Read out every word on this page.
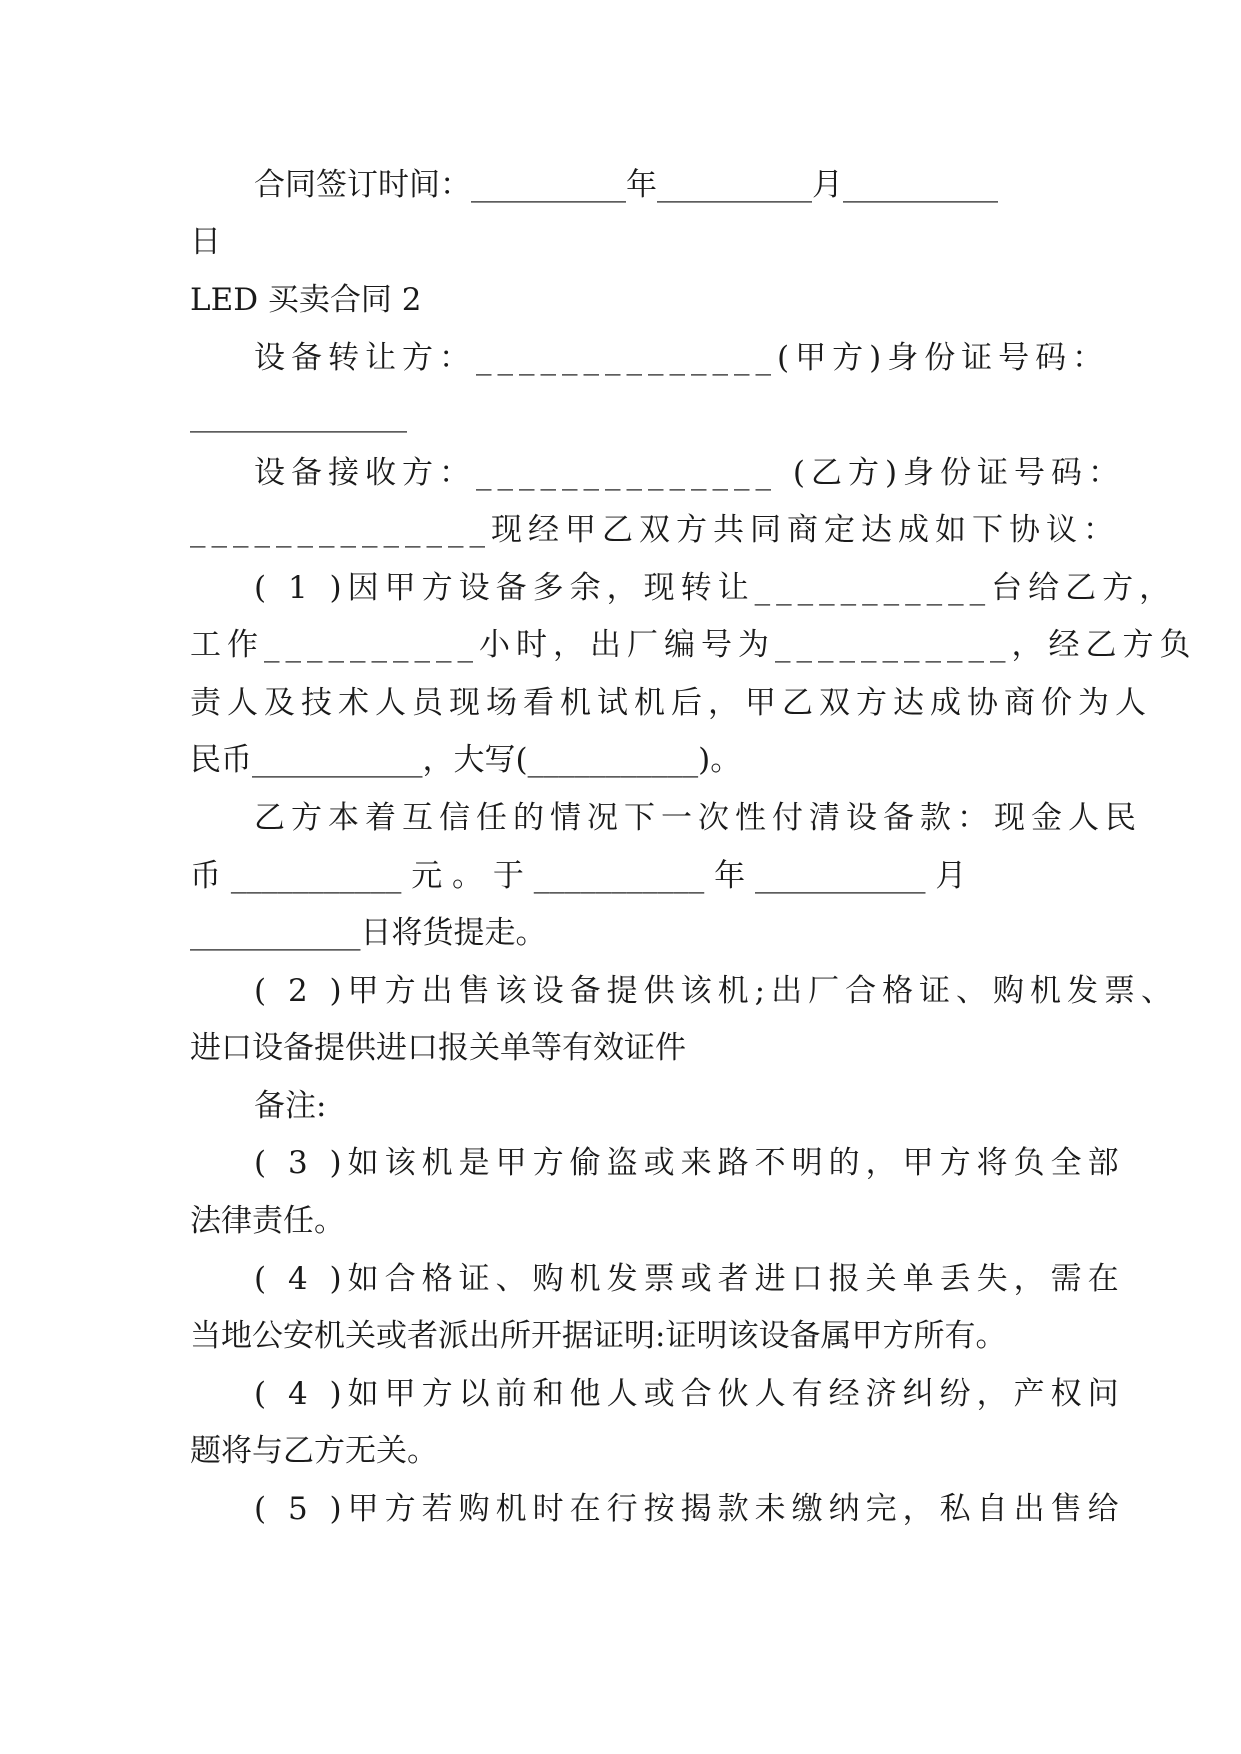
合同签订时间：__________年__________月__________
日
LED 买卖合同 2
设备转让方：______________(甲方)身份证号码：
______________
设备接收方：______________ (乙方)身份证号码：
______________现经甲乙双方共同商定达成如下协议：
( 1 )因甲方设备多余，现转让___________台给乙方，
工作__________小时，出厂编号为___________，经乙方负
责人及技术人员现场看机试机后，甲乙双方达成协商价为人
民币___________，大写(___________)。
乙方本着互信任的情况下一次性付清设备款：现金人民
币 ___________ 元 。 于 ___________ 年 ___________ 月
___________日将货提走。
( 2 )甲方出售该设备提供该机;出厂合格证、购机发票、
进口设备提供进口报关单等有效证件
备注:
( 3 )如该机是甲方偷盗或来路不明的，甲方将负全部
法律责任。
( 4 )如合格证、购机发票或者进口报关单丢失，需在
当地公安机关或者派出所开据证明:证明该设备属甲方所有。
( 4 )如甲方以前和他人或合伙人有经济纠纷，产权问
题将与乙方无关。
( 5 )甲方若购机时在行按揭款未缴纳完，私自出售给
